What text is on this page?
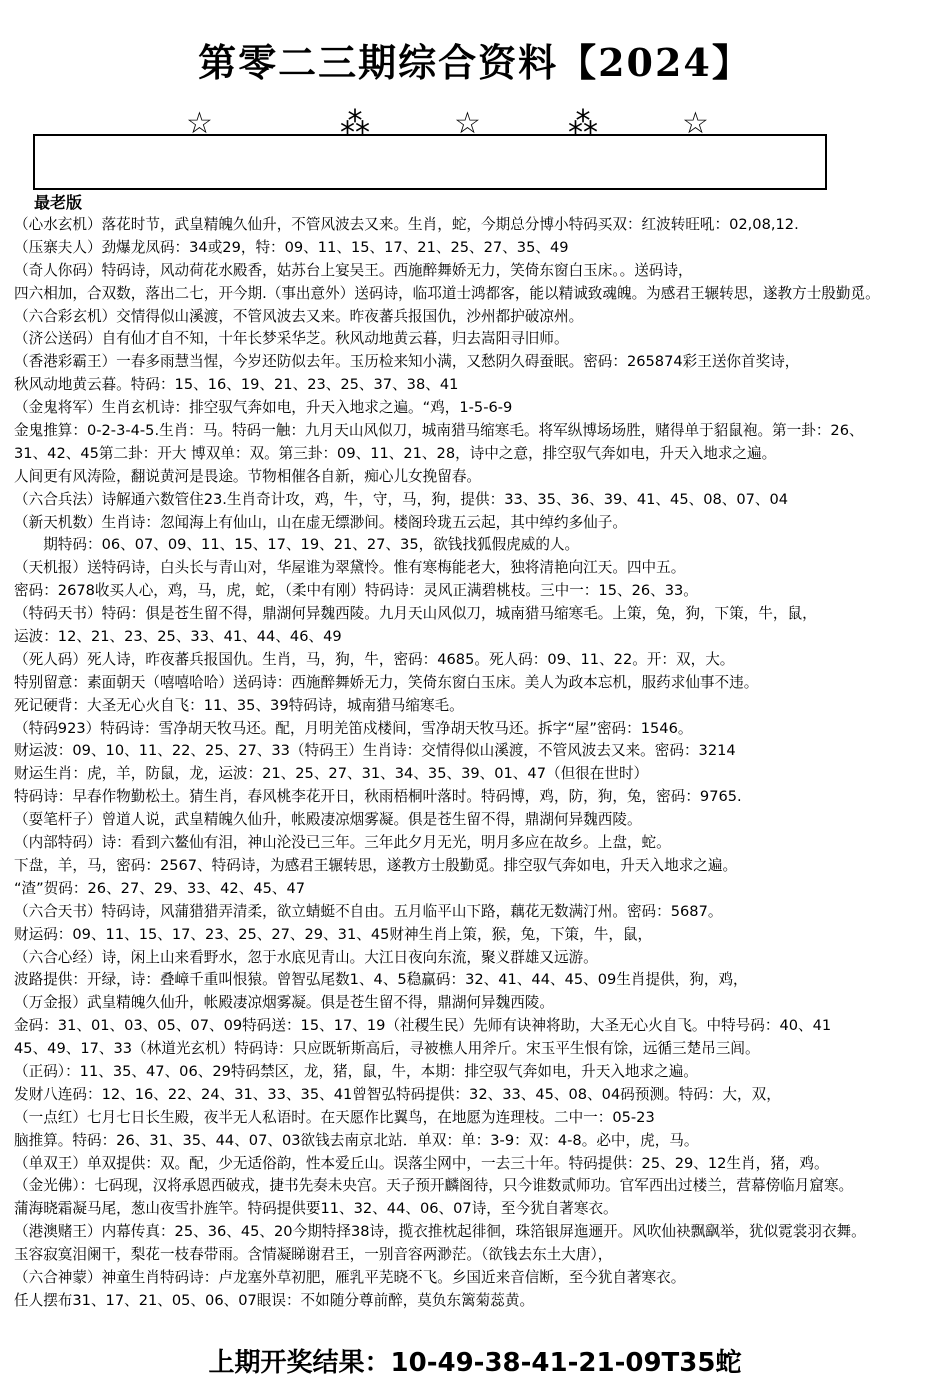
第零二三期综合资料【2024】
☆	⁂	☆	⁂	☆
最老版
（心水玄机）落花时节，武皇精魄久仙升，不管风波去又来。生肖，蛇，今期总分博小特码买双：红波转旺吼：02,08,12.
（压寨夫人）劲爆龙凤码：34或29，特：09、11、15、17、21、25、27、35、49
（奇人你码）特码诗，风动荷花水殿香，姑苏台上宴吴王。西施醉舞娇无力，笑倚东窗白玉床。。送码诗，
四六相加，合双数，落出二七，开今期.（事出意外）送码诗，临邛道士鸿都客，能以精诚致魂魄。为感君王辗转思，遂教方士殷勤觅。
（六合彩玄机）交情得似山溪渡，不管风波去又来。昨夜蕃兵报国仇，沙州都护破凉州。
（济公送码）自有仙才自不知，十年长梦采华芝。秋风动地黄云暮，归去嵩阳寻旧师。
（香港彩霸王）一春多雨慧当惺，今岁还防似去年。玉历检来知小满，又愁阴久碍蚕眠。密码：265874彩王送你首奖诗，
秋风动地黄云暮。特码：15、16、19、21、23、25、37、38、41
（金鬼将军）生肖玄机诗：排空驭气奔如电，升天入地求之遍。“鸡，1-5-6-9
金鬼推算：0-2-3-4-5.生肖：马。特码一触：九月天山风似刀，城南猎马缩寒毛。将军纵博场场胜，赌得单于貂鼠袍。第一卦：26、
31、42、45第二卦：开大 博双单：双。第三卦：09、11、21、28，诗中之意，排空驭气奔如电，升天入地求之遍。
人间更有风涛险，翻说黄河是畏途。节物相催各自新，痴心儿女挽留春。
（六合兵法）诗解通六数管住23.生肖奇计攻，鸡，牛，守，马，狗，提供：33、35、36、39、41、45、08、07、04
（新天机数）生肖诗：忽闻海上有仙山，山在虚无缥渺间。楼阁玲珑五云起，其中绰约多仙子。
　　期特码：06、07、09、11、15、17、19、21、27、35，欲钱找狐假虎威的人。
（天机报）送特码诗，白头长与青山对，华屋谁为翠黛怜。惟有寒梅能老大，独将清艳向江天。四中五。
密码：2678收买人心，鸡，马，虎，蛇，（柔中有刚）特码诗：灵风正满碧桃枝。三中一：15、26、33。
（特码天书）特码：俱是苍生留不得，鼎湖何异魏西陵。九月天山风似刀，城南猎马缩寒毛。上策，兔，狗，下策，牛，鼠，
运波：12、21、23、25、33、41、44、46、49
（死人码）死人诗，昨夜蕃兵报国仇。生肖，马，狗，牛，密码：4685。死人码：09、11、22。开：双，大。
特别留意：素面朝天（嘻嘻哈哈）送码诗：西施醉舞娇无力，笑倚东窗白玉床。美人为政本忘机，服药求仙事不违。
死记硬背：大圣无心火自飞：11、35、39特码诗，城南猎马缩寒毛。
（特码923）特码诗：雪净胡天牧马还。配，月明羌笛戍楼间，雪净胡天牧马还。拆字“屋”密码：1546。
财运波：09、10、11、22、25、27、33（特码王）生肖诗：交情得似山溪渡，不管风波去又来。密码：3214
财运生肖：虎，羊，防鼠，龙，运波：21、25、27、31、34、35、39、01、47（但很在世时）
特码诗：早春作物勤松土。猜生肖，春风桃李花开日，秋雨梧桐叶落时。特码博，鸡，防，狗，兔，密码：9765.
（耍笔杆子）曾道人说，武皇精魄久仙升，帐殿凄凉烟雾凝。俱是苍生留不得，鼎湖何异魏西陵。
（内部特码）诗：看到六鳌仙有泪，神山沦没已三年。三年此夕月无光，明月多应在故乡。上盘，蛇。
下盘，羊，马，密码：2567、特码诗，为感君王辗转思，遂教方士殷勤觅。排空驭气奔如电，升天入地求之遍。
“渣”贺码：26、27、29、33、42、45、47
（六合天书）特码诗，风蒲猎猎弄清柔，欲立蜻蜓不自由。五月临平山下路，藕花无数满汀州。密码：5687。
财运码：09、11、15、17、23、25、27、29、31、45财神生肖上策，猴，兔，下策，牛，鼠，
（六合心经）诗，闲上山来看野水，忽于水底见青山。大江日夜向东流，聚义群雄又远游。
波路提供：开绿，诗：叠嶂千重叫恨猿。曾智弘尾数1、4、5稳赢码：32、41、44、45、09生肖提供，狗，鸡，
（万金报）武皇精魄久仙升，帐殿凄凉烟雾凝。俱是苍生留不得，鼎湖何异魏西陵。
金码：31、01、03、05、07、09特码送：15、17、19（社稷生民）先师有诀神将助，大圣无心火自飞。中特号码：40、41
45、49、17、33（林道光玄机）特码诗：只应既斩斯高后，寻被樵人用斧斤。宋玉平生恨有馀，远循三楚吊三闾。
（正码）：11、35、47、06、29特码禁区，龙，猪，鼠，牛，本期：排空驭气奔如电，升天入地求之遍。
发财八连码：12、16、22、24、31、33、35、41曾智弘特码提供：32、33、45、08、04码预测。特码：大，双，
（一点红）七月七日长生殿，夜半无人私语时。在天愿作比翼鸟，在地愿为连理枝。二中一：05-23
脑推算。特码：26、31、35、44、07、03欲钱去南京北站．单双：单：3-9：双：4-8。必中，虎，马。
（单双王）单双提供：双。配，少无适俗韵，性本爱丘山。误落尘网中，一去三十年。特码提供：25、29、12生肖，猪，鸡。
（金光佛）：七码现，汉将承恩西破戎，捷书先奏未央宫。天子预开麟阁待，只今谁数贰师功。官军西出过楼兰，营幕傍临月窟寒。
蒲海晓霜凝马尾，葱山夜雪扑旌竿。特码提供要11、32、44、06、07诗，至今犹自著寒衣。
（港澳赌王）内幕传真：25、36、45、20今期特择38诗，揽衣推枕起徘徊，珠箔银屏迤逦开。风吹仙袂飘飖举，犹似霓裳羽衣舞。
玉容寂寞泪阑干，梨花一枝春带雨。含情凝睇谢君王，一别音容两渺茫。（欲钱去东土大唐），
（六合神蒙）神童生肖特码诗：卢龙塞外草初肥，雁乳平芜晓不飞。乡国近来音信断，至今犹自著寒衣。
任人摆布31、17、21、05、06、07眼误：不如随分尊前醉，莫负东篱菊蕊黄。
上期开奖结果：10-49-38-41-21-09T35蛇
